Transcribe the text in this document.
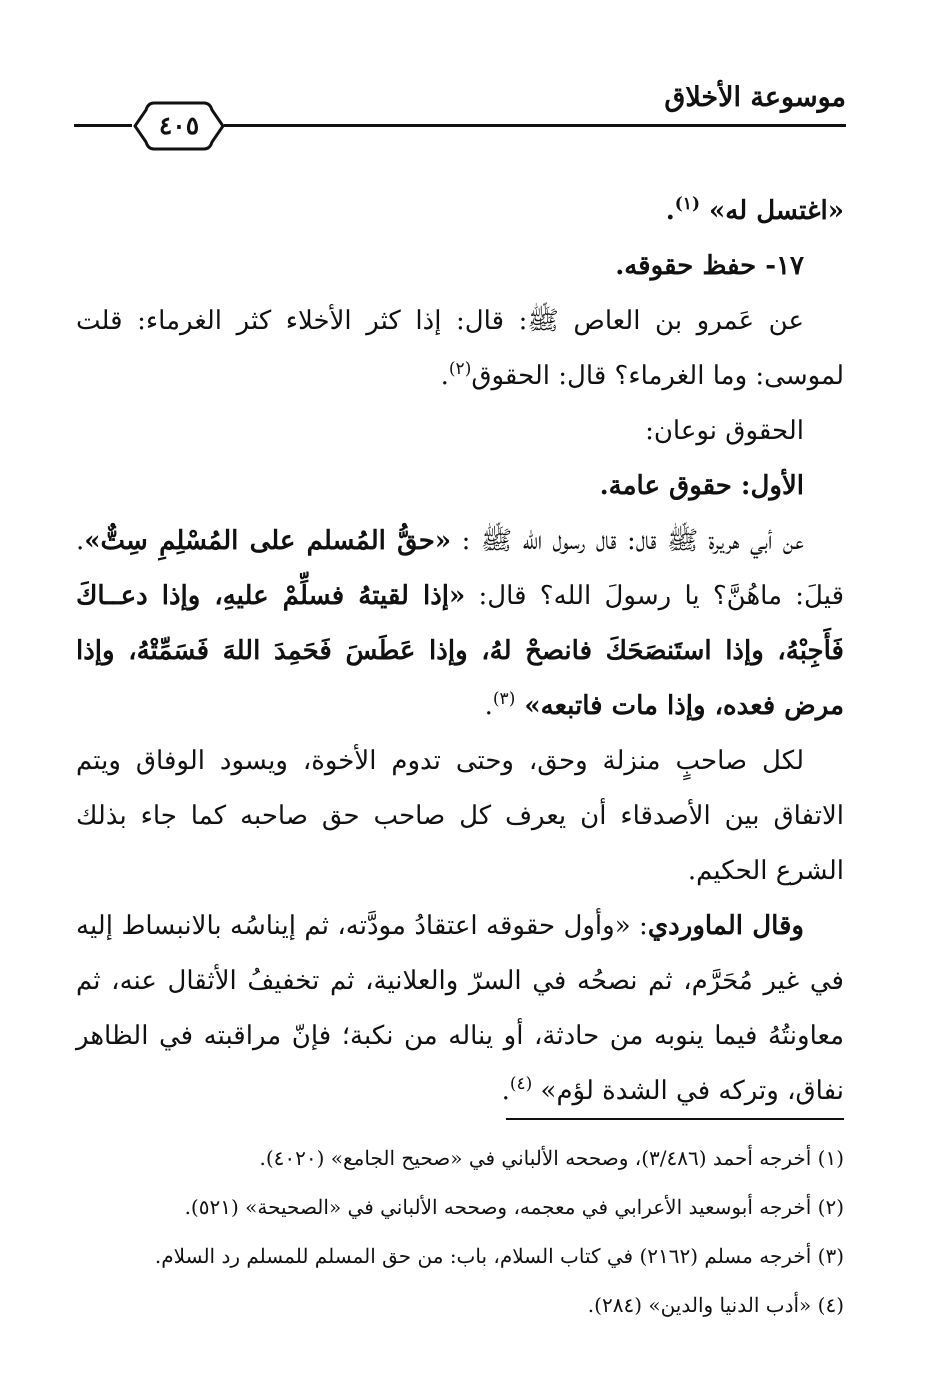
موسوعة الأخلاق
٤٠٥

«اغتسل له» $^{(١)}$.

١٧- حفظ حقوقه.

عن عَمرو بن العاص ﷺ: قال: إذا كثر الأخلاء كثر الغرماء: قلت لموسى: وما الغرماء؟ قال: الحقوق$^{(٢)}$.

الحقوق نوعان:

الأول: حقوق عامة.

عن أبي هريرة ﷺ قال: قال رسول اللّه ﷺ : «حقُّ المُسلم على المُسْلِمِ سِتٌّ». قيلَ: ماهُنَّ؟ يا رسولَ الله؟ قال: «إذا لقيتهُ فسلِّمْ عليهِ، وإذا دعــاكَ فَأَجِبْهُ، وإذا استَنصَحَكَ فانصحْ لهُ، وإذا عَطَسَ فَحَمِدَ اللهَ فَسَمِّتْهُ، وإذا مرض فعده، وإذا مات فاتبعه» $^{(٣)}$.

لكل صاحبٍ منزلة وحق، وحتى تدوم الأخوة، ويسود الوفاق ويتم الاتفاق بين الأصدقاء أن يعرف كل صاحب حق صاحبه كما جاء بذلك الشرع الحكيم.

وقال الماوردي: «وأول حقوقه اعتقادُ مودَّته، ثم إيناسُه بالانبساط إليه في غير مُحَرَّم، ثم نصحُه في السرّ والعلانية، ثم تخفيفُ الأثقال عنه، ثم معاونتُهُ فيما ينوبه من حادثة، أو يناله من نكبة؛ فإنّ مراقبته في الظاهر نفاق، وتركه في الشدة لؤم» $^{(٤)}$.

(١) أخرجه أحمد (٣/٤٨٦)، وصححه الألباني في «صحيح الجامع» (٤٠٢٠).

(٢) أخرجه أبوسعيد الأعرابي في معجمه، وصححه الألباني في «الصحيحة» (٥٢١).

(٣) أخرجه مسلم (٢١٦٢) في كتاب السلام، باب: من حق المسلم للمسلم رد السلام.

(٤) «أدب الدنيا والدين» (٢٨٤).
